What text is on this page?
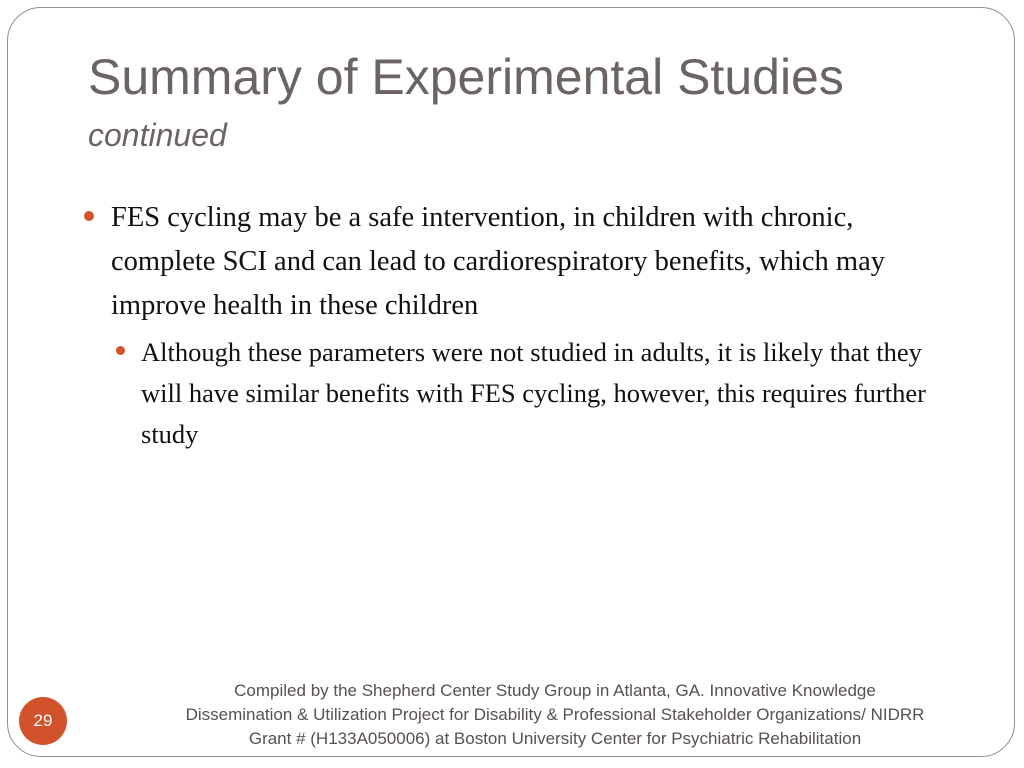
Summary of Experimental Studies
continued
FES cycling may be a safe intervention, in children with chronic, complete SCI and can lead to cardiorespiratory benefits, which may improve health in these children
Although these parameters were not studied in adults, it is likely that they will have similar benefits with FES cycling, however, this requires further study
Compiled by the Shepherd Center Study Group in Atlanta, GA. Innovative Knowledge
Dissemination & Utilization Project for Disability & Professional Stakeholder Organizations/ NIDRR
Grant # (H133A050006) at Boston University Center for Psychiatric Rehabilitation
29
